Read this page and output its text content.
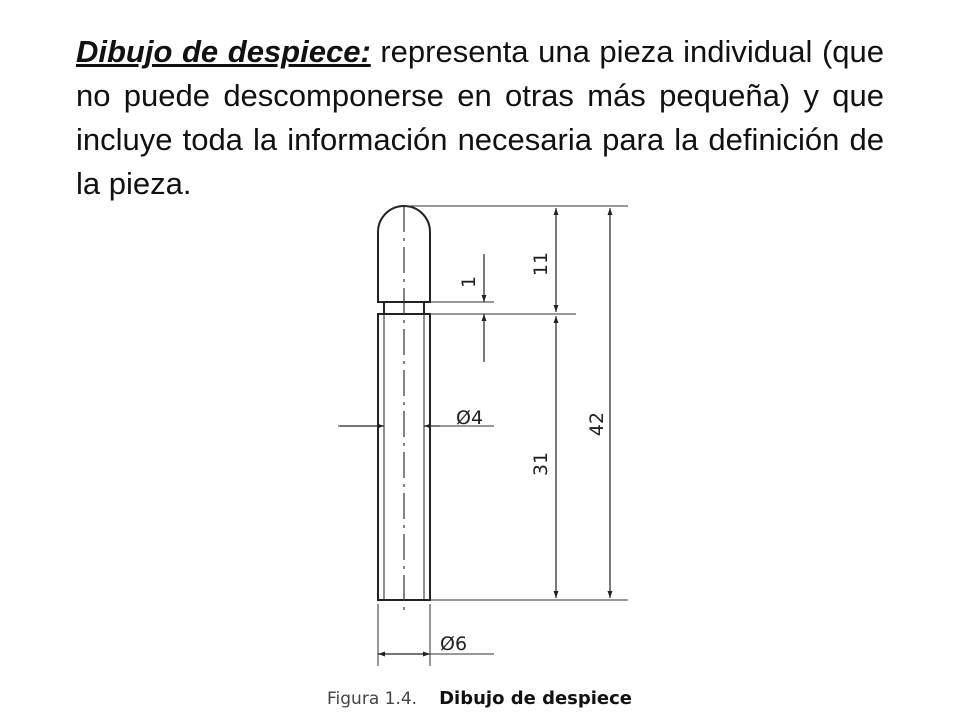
Dibujo de despiece: representa una pieza individual (que no puede descomponerse en otras más pequeña) y que incluye toda la información necesaria para la definición de la pieza.

11
1
42
31
Ø4
Ø6
Figura 1.4. Dibujo de despiece
